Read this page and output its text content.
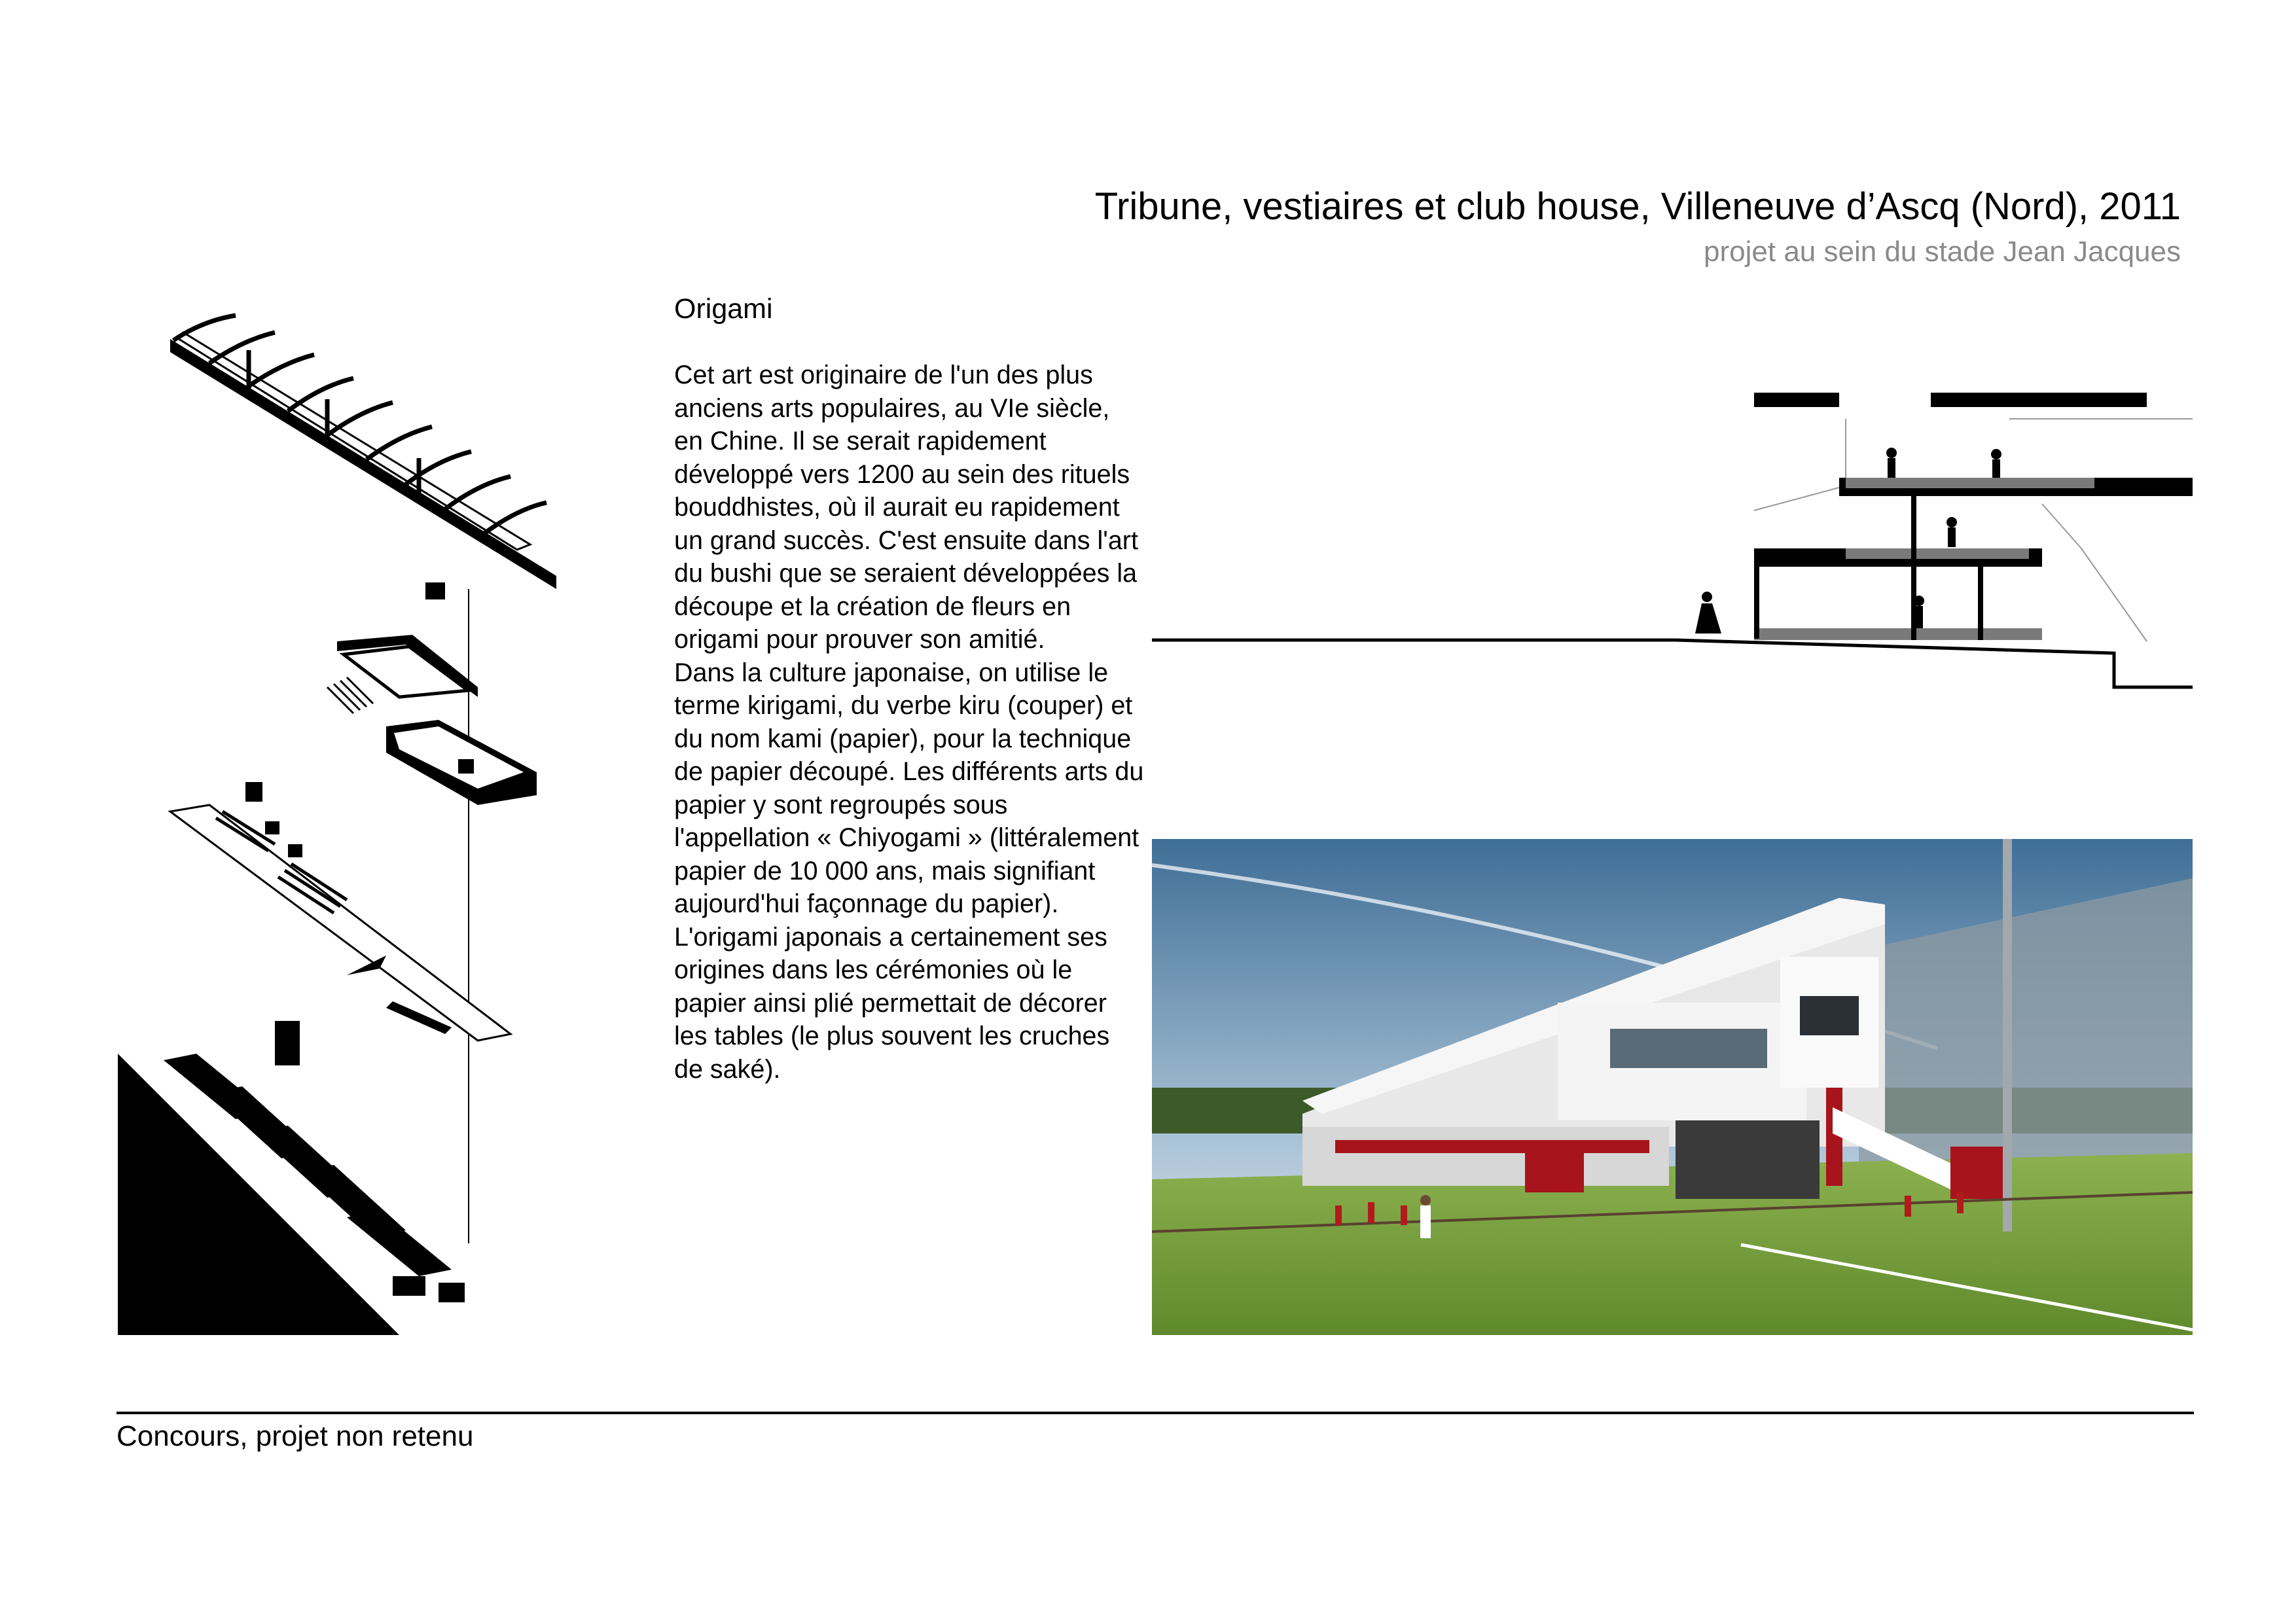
Tribune, vestiaires et club house, Villeneuve d’Ascq (Nord), 2011
projet au sein du stade Jean Jacques
Origami

Cet art est originaire de l'un des plus anciens arts populaires, au VIe siècle, en Chine. Il se serait rapidement développé vers 1200 au sein des rituels bouddhistes, où il aurait eu rapidement un grand succès. C'est ensuite dans l'art du bushi que se seraient développées la découpe et la création de fleurs en origami pour prouver son amitié.

Dans la culture japonaise, on utilise le terme kirigami, du verbe kiru (couper) et du nom kami (papier), pour la technique de papier découpé. Les différents arts du papier y sont regroupés sous l'appellation « Chiyogami » (littéralement papier de 10 000 ans, mais signifiant aujourd'hui façonnage du papier). L'origami japonais a certainement ses origines dans les cérémonies où le papier ainsi plié permettait de décorer les tables (le plus souvent les cruches de saké).

Concours, projet non retenu
